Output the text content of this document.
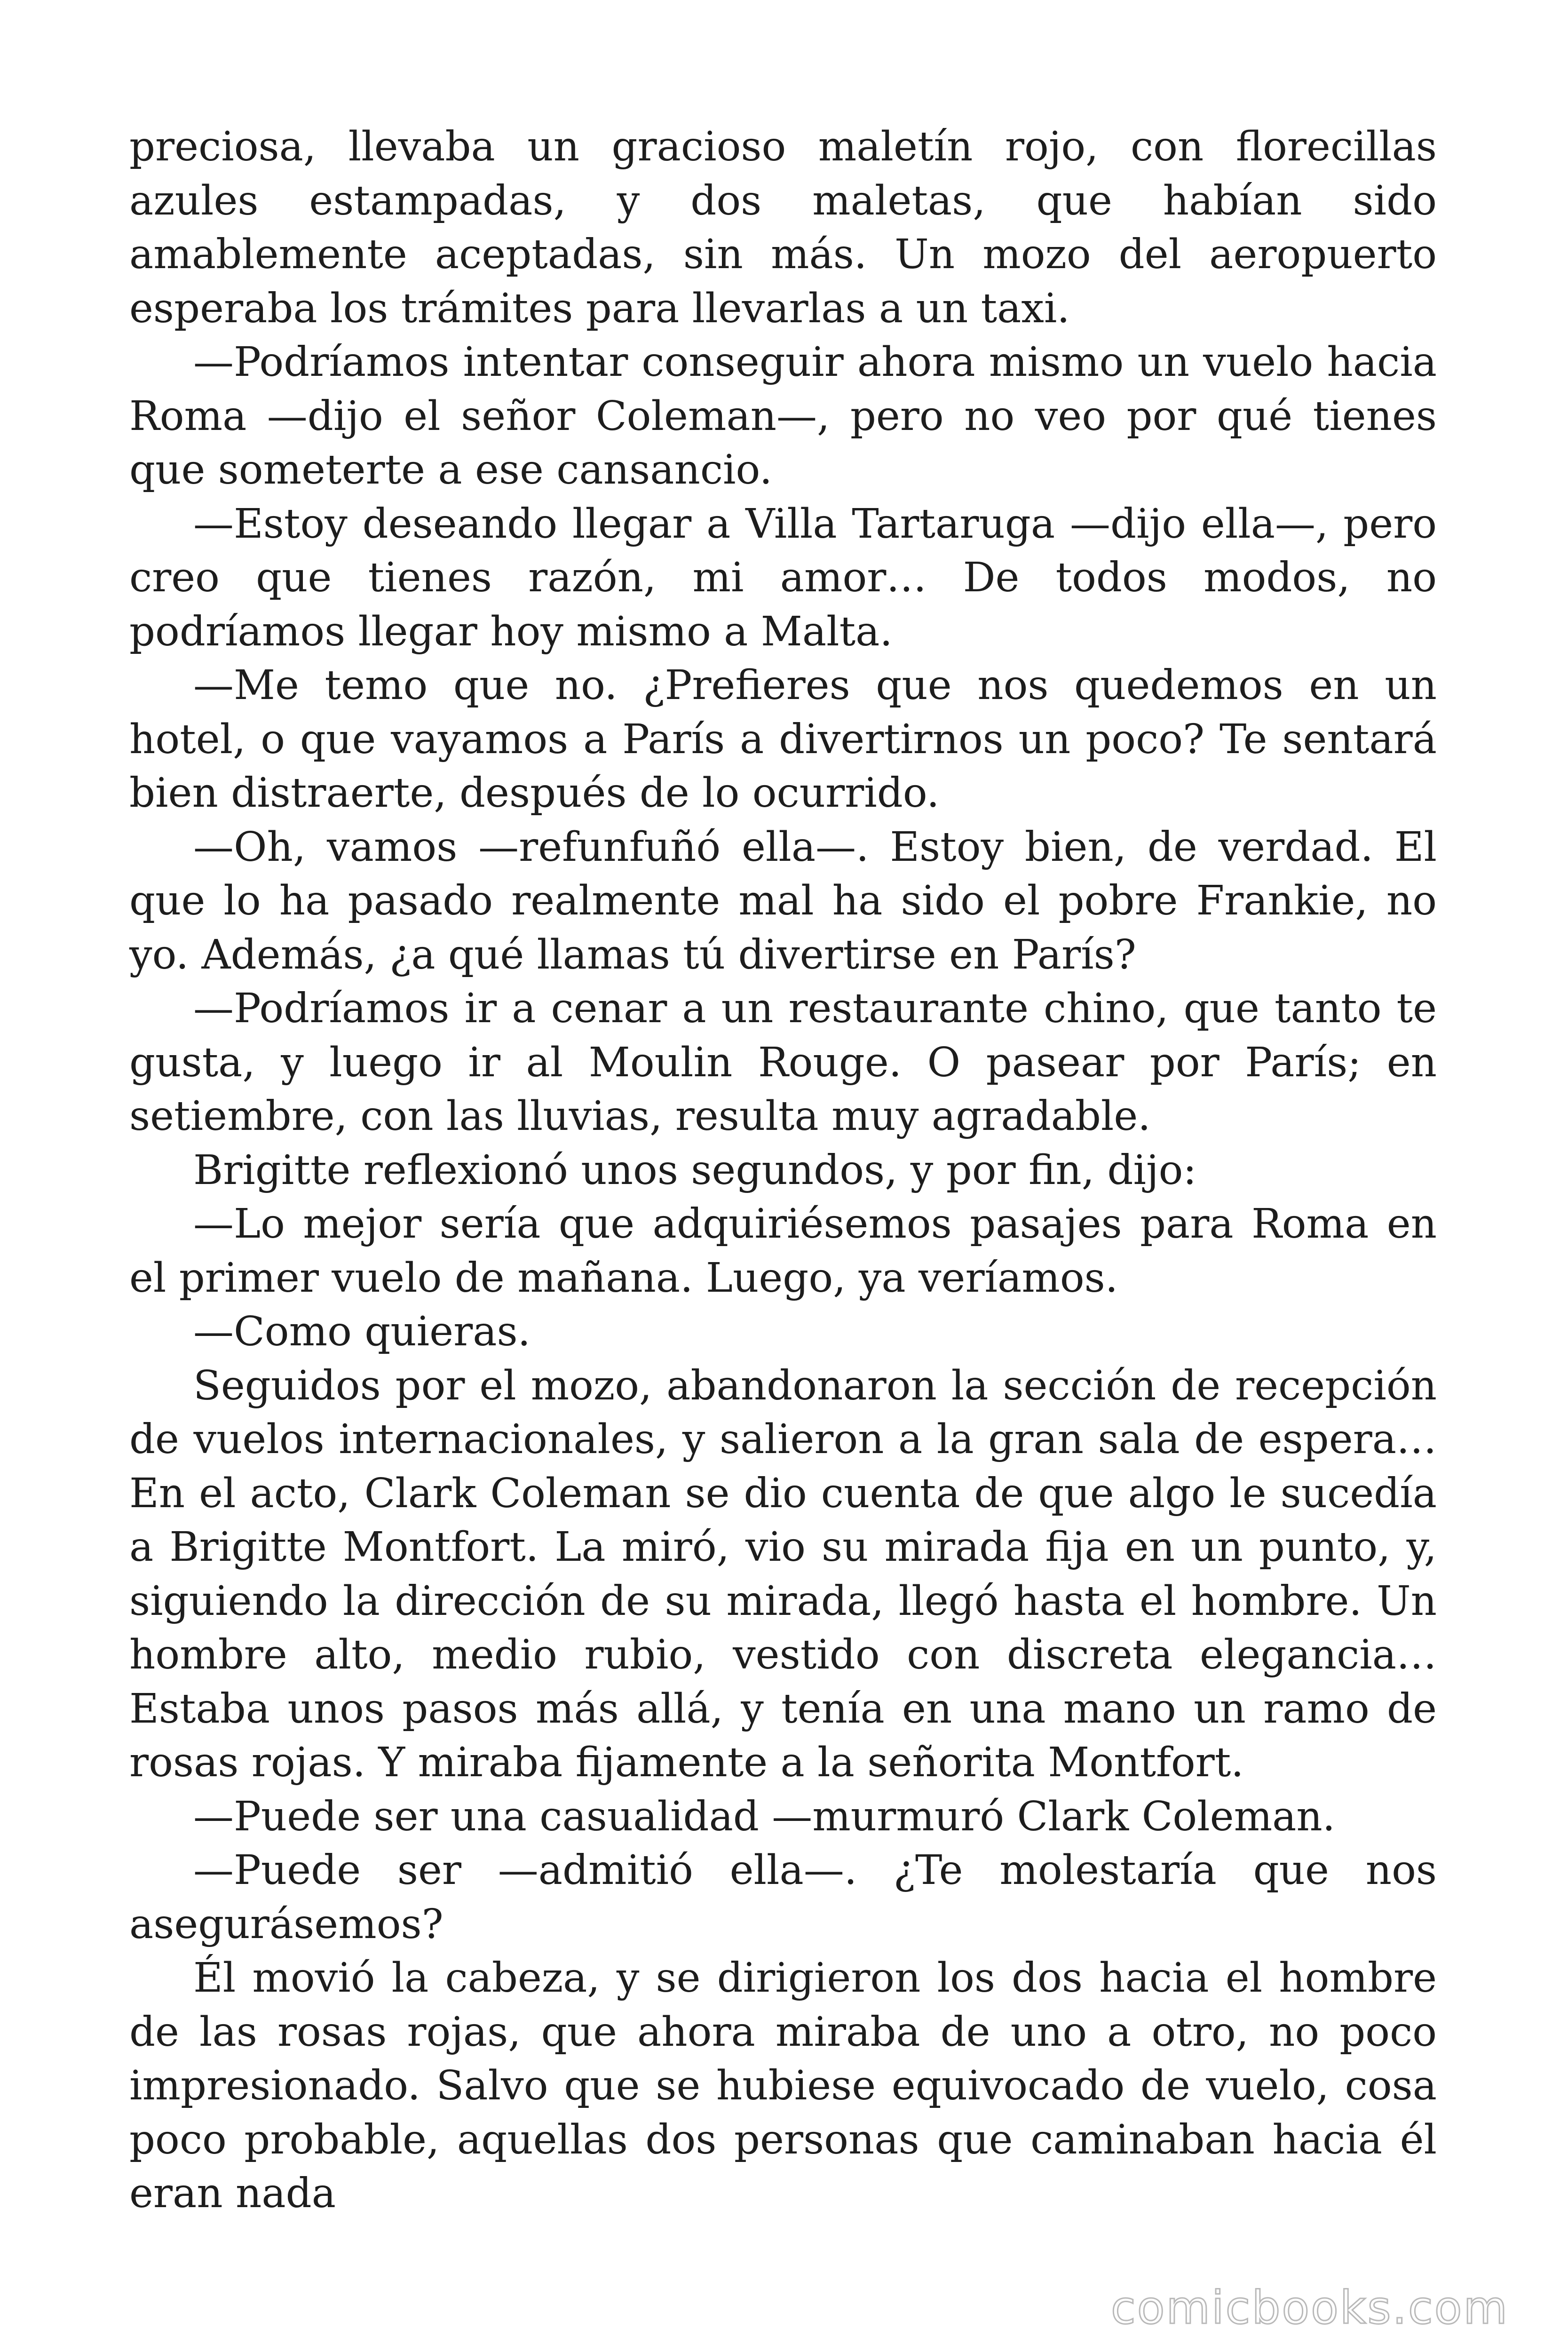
preciosa, llevaba un gracioso maletín rojo, con florecillas azules estampadas, y dos maletas, que habían sido amablemente aceptadas, sin más. Un mozo del aeropuerto esperaba los trámites para llevarlas a un taxi.

—Podríamos intentar conseguir ahora mismo un vuelo hacia Roma —dijo el señor Coleman—, pero no veo por qué tienes que someterte a ese cansancio.

—Estoy deseando llegar a Villa Tartaruga —dijo ella—, pero creo que tienes razón, mi amor… De todos modos, no podríamos llegar hoy mismo a Malta.

—Me temo que no. ¿Prefieres que nos quedemos en un hotel, o que vayamos a París a divertirnos un poco? Te sentará bien distraerte, después de lo ocurrido.

—Oh, vamos —refunfuñó ella—. Estoy bien, de verdad. El que lo ha pasado realmente mal ha sido el pobre Frankie, no yo. Además, ¿a qué llamas tú divertirse en París?

—Podríamos ir a cenar a un restaurante chino, que tanto te gusta, y luego ir al Moulin Rouge. O pasear por París; en setiembre, con las lluvias, resulta muy agradable.

Brigitte reflexionó unos segundos, y por fin, dijo:

—Lo mejor sería que adquiriésemos pasajes para Roma en el primer vuelo de mañana. Luego, ya veríamos.

—Como quieras.

Seguidos por el mozo, abandonaron la sección de recepción de vuelos internacionales, y salieron a la gran sala de espera… En el acto, Clark Coleman se dio cuenta de que algo le sucedía a Brigitte Montfort. La miró, vio su mirada fija en un punto, y, siguiendo la dirección de su mirada, llegó hasta el hombre. Un hombre alto, medio rubio, vestido con discreta elegancia… Estaba unos pasos más allá, y tenía en una mano un ramo de rosas rojas. Y miraba fijamente a la señorita Montfort.

—Puede ser una casualidad —murmuró Clark Coleman.

—Puede ser —admitió ella—. ¿Te molestaría que nos asegurásemos?

Él movió la cabeza, y se dirigieron los dos hacia el hombre de las rosas rojas, que ahora miraba de uno a otro, no poco impresionado. Salvo que se hubiese equivocado de vuelo, cosa poco probable, aquellas dos personas que caminaban hacia él eran nada

comicbooks.com
